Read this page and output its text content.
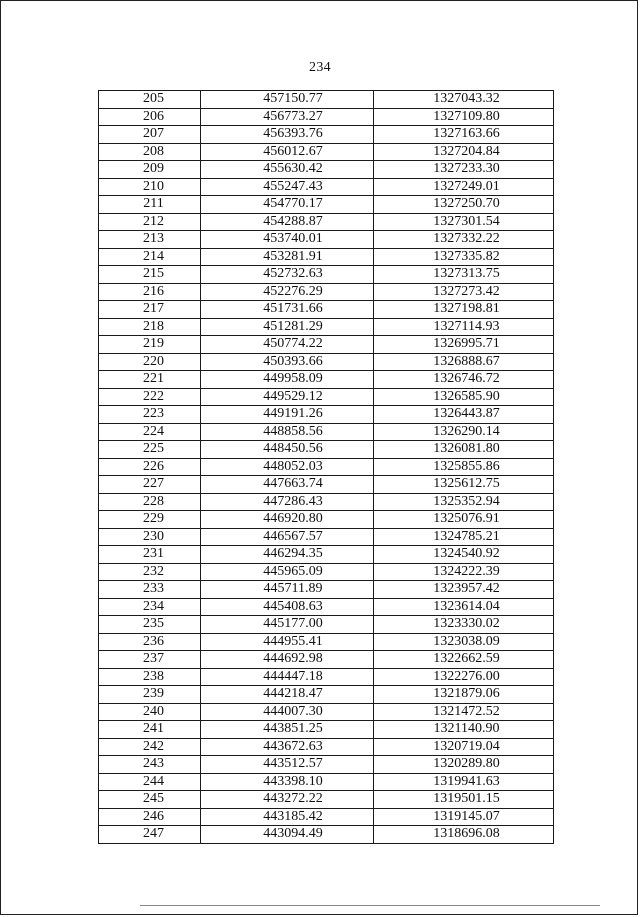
234
205	457150.77	1327043.32
206	456773.27	1327109.80
207	456393.76	1327163.66
208	456012.67	1327204.84
209	455630.42	1327233.30
210	455247.43	1327249.01
211	454770.17	1327250.70
212	454288.87	1327301.54
213	453740.01	1327332.22
214	453281.91	1327335.82
215	452732.63	1327313.75
216	452276.29	1327273.42
217	451731.66	1327198.81
218	451281.29	1327114.93
219	450774.22	1326995.71
220	450393.66	1326888.67
221	449958.09	1326746.72
222	449529.12	1326585.90
223	449191.26	1326443.87
224	448858.56	1326290.14
225	448450.56	1326081.80
226	448052.03	1325855.86
227	447663.74	1325612.75
228	447286.43	1325352.94
229	446920.80	1325076.91
230	446567.57	1324785.21
231	446294.35	1324540.92
232	445965.09	1324222.39
233	445711.89	1323957.42
234	445408.63	1323614.04
235	445177.00	1323330.02
236	444955.41	1323038.09
237	444692.98	1322662.59
238	444447.18	1322276.00
239	444218.47	1321879.06
240	444007.30	1321472.52
241	443851.25	1321140.90
242	443672.63	1320719.04
243	443512.57	1320289.80
244	443398.10	1319941.63
245	443272.22	1319501.15
246	443185.42	1319145.07
247	443094.49	1318696.08
